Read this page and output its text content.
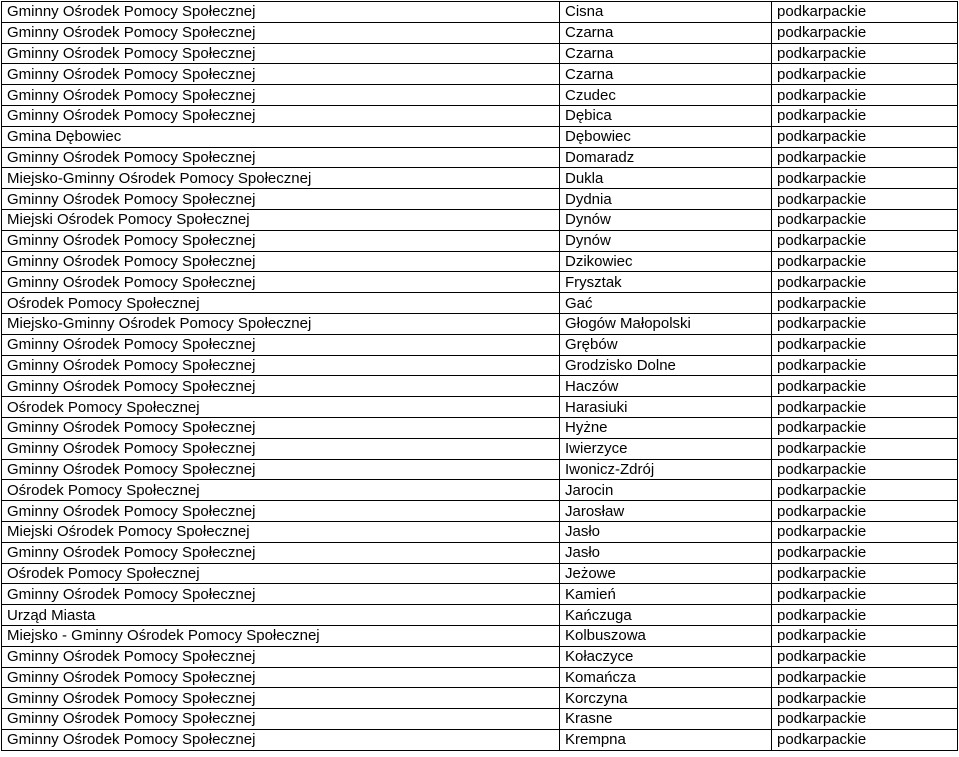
Gminny Ośrodek Pomocy Społecznej	Cisna	podkarpackie
Gminny Ośrodek Pomocy Społecznej	Czarna	podkarpackie
Gminny Ośrodek Pomocy Społecznej	Czarna	podkarpackie
Gminny Ośrodek Pomocy Społecznej	Czarna	podkarpackie
Gminny Ośrodek Pomocy Społecznej	Czudec	podkarpackie
Gminny Ośrodek Pomocy Społecznej	Dębica	podkarpackie
Gmina Dębowiec	Dębowiec	podkarpackie
Gminny Ośrodek Pomocy Społecznej	Domaradz	podkarpackie
Miejsko-Gminny Ośrodek Pomocy Społecznej	Dukla	podkarpackie
Gminny Ośrodek Pomocy Społecznej	Dydnia	podkarpackie
Miejski Ośrodek Pomocy Społecznej	Dynów	podkarpackie
Gminny Ośrodek Pomocy Społecznej	Dynów	podkarpackie
Gminny Ośrodek Pomocy Społecznej	Dzikowiec	podkarpackie
Gminny Ośrodek Pomocy Społecznej	Frysztak	podkarpackie
Ośrodek Pomocy Społecznej	Gać	podkarpackie
Miejsko-Gminny Ośrodek Pomocy Społecznej	Głogów Małopolski	podkarpackie
Gminny Ośrodek Pomocy Społecznej	Grębów	podkarpackie
Gminny Ośrodek Pomocy Społecznej	Grodzisko Dolne	podkarpackie
Gminny Ośrodek Pomocy Społecznej	Haczów	podkarpackie
Ośrodek Pomocy Społecznej	Harasiuki	podkarpackie
Gminny Ośrodek Pomocy Społecznej	Hyżne	podkarpackie
Gminny Ośrodek Pomocy Społecznej	Iwierzyce	podkarpackie
Gminny Ośrodek Pomocy Społecznej	Iwonicz-Zdrój	podkarpackie
Ośrodek Pomocy Społecznej	Jarocin	podkarpackie
Gminny Ośrodek Pomocy Społecznej	Jarosław	podkarpackie
Miejski Ośrodek Pomocy Społecznej	Jasło	podkarpackie
Gminny Ośrodek Pomocy Społecznej	Jasło	podkarpackie
Ośrodek Pomocy Społecznej	Jeżowe	podkarpackie
Gminny Ośrodek Pomocy Społecznej	Kamień	podkarpackie
Urząd Miasta	Kańczuga	podkarpackie
Miejsko - Gminny Ośrodek Pomocy Społecznej	Kolbuszowa	podkarpackie
Gminny Ośrodek Pomocy Społecznej	Kołaczyce	podkarpackie
Gminny Ośrodek Pomocy Społecznej	Komańcza	podkarpackie
Gminny Ośrodek Pomocy Społecznej	Korczyna	podkarpackie
Gminny Ośrodek Pomocy Społecznej	Krasne	podkarpackie
Gminny Ośrodek Pomocy Społecznej	Krempna	podkarpackie
